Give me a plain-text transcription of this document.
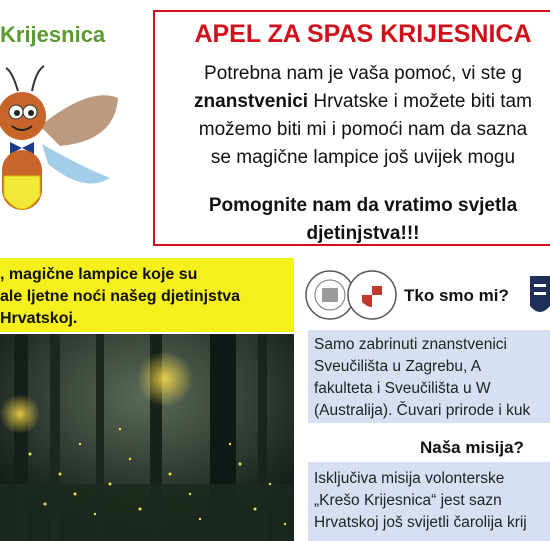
Krijesnica	APEL ZA SPAS KRIJESNICA
Potrebna nam je vaša pomoć, vi ste g
znanstvenici Hrvatske i možete biti tam
možemo biti mi i pomoći nam da sazna
se magične lampice još uvijek mogu
Pomognite nam da vratimo svjetla
djetinjstva!!!

, magične lampice koje su

ale ljetne noći našeg djetinjstva

Hrvatskoj.

Tko smo mi?

Samo zabrinuti znanstvenici

Sveučilišta u Zagrebu, A

fakulteta i Sveučilišta u W

(Australija). Čuvari prirode i kuk

Naša misija?

Isključiva misija volonterske

„Krešo Krijesnica“ jest sazn

Hrvatskoj još svijetli čarolija krij
